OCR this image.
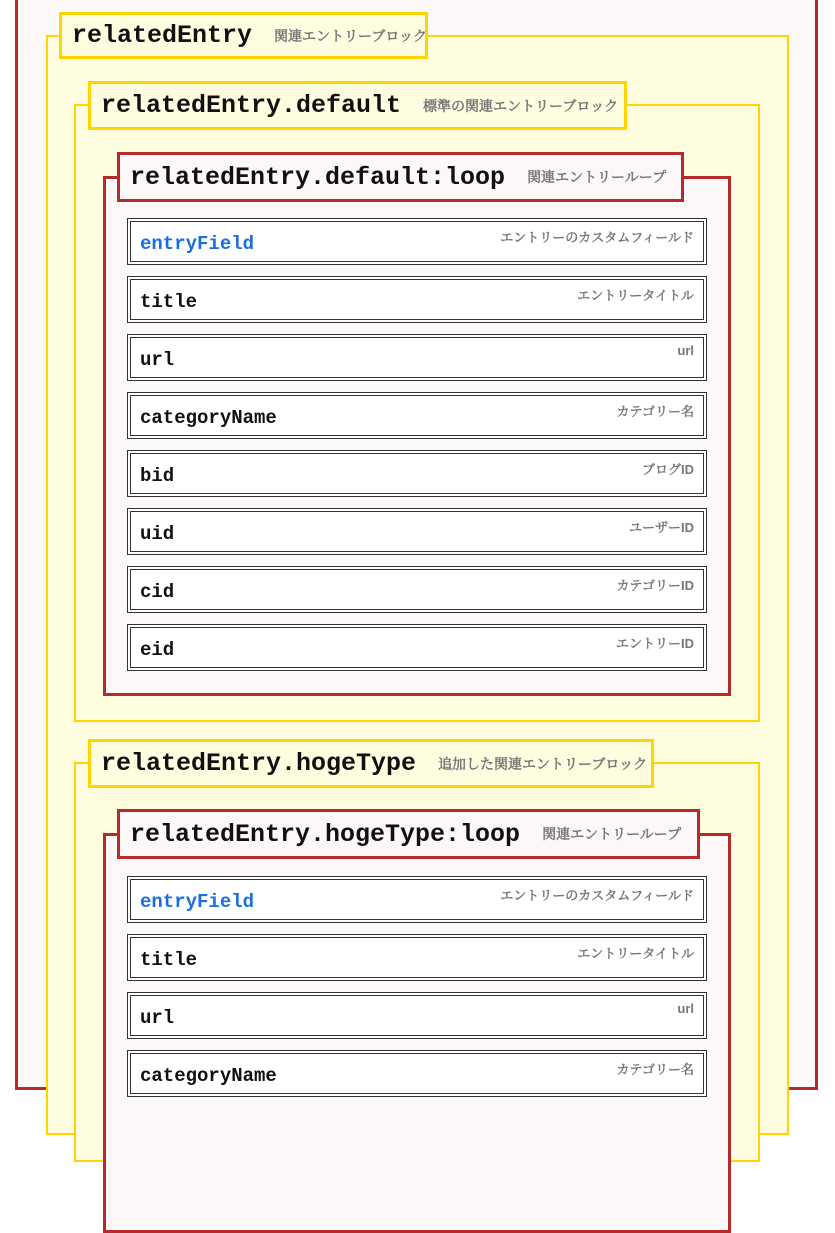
relatedEntry 関連エントリーブロック
relatedEntry.default 標準の関連エントリーブロック
relatedEntry.default:loop 関連エントリーループ
entryField	エントリーのカスタムフィールド
title	エントリータイトル
url	url
categoryName	カテゴリー名
bid	ブログID
uid	ユーザーID
cid	カテゴリーID
eid	エントリーID
relatedEntry.hogeType 追加した関連エントリーブロック
relatedEntry.hogeType:loop 関連エントリーループ
entryField	エントリーのカスタムフィールド
title	エントリータイトル
url	url
categoryName	カテゴリー名
